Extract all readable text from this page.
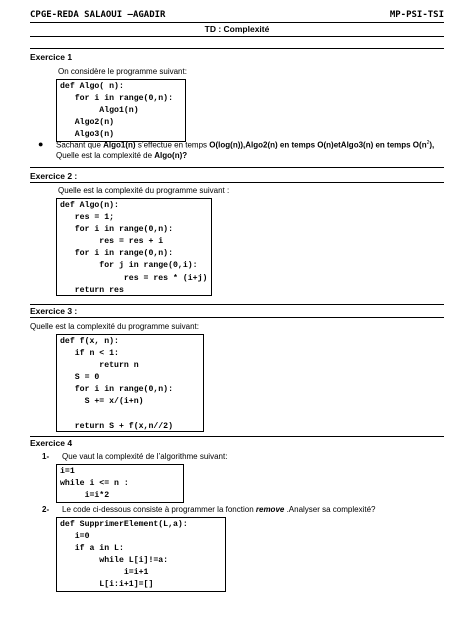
CPGE-REDA SALAOUI –AGADIR	MP-PSI-TSI
TD : Complexité
Exercice 1
On considère le programme suivant:
def Algo( n):
for i in range(0,n):
Algo1(n)
Algo2(n)
Algo3(n)
● Sachant que Algo1(n) s’effectue en temps O(log(n)),Algo2(n) en temps O(n)etAlgo3(n) en temps $O(n^2)$,
Quelle est la complexité de Algo(n)?
Exercice 2 :
Quelle est la complexité du programme suivant :
def Algo(n):
res = 1;
for i in range(0,n):
res = res + i
for i in range(0,n):
for j in range(0,i):
res = res * (i+j)
return res
Exercice 3 :
Quelle est la complexité du programme suivant:
def f(x, n):
if n < 1:
return n
S = 0
for i in range(0,n):
S += x/(i+n)
return S + f(x,n//2)
Exercice 4
1- Que vaut la complexité de l’algorithme suivant:
i=1
while i <= n :
i=i*2
2- Le code ci-dessous consiste à programmer la fonction remove .Analyser sa complexité?
def SupprimerElement(L,a):
i=0
if a in L:
while L[i]!=a:
i=i+1
L[i:i+1]=[]
